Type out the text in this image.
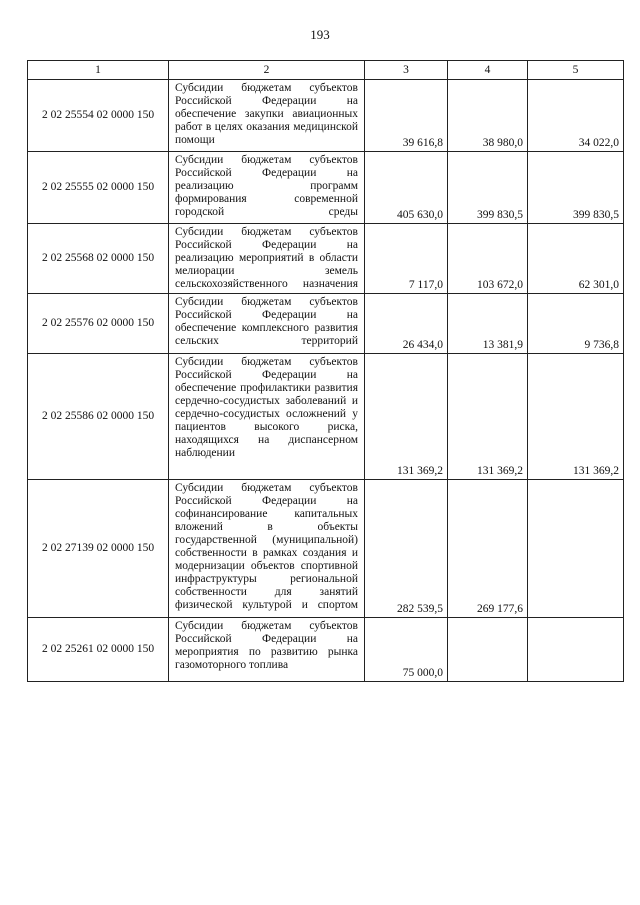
193
1	2	3	4	5
2 02 25554 02 0000 150	Субсидии бюджетам субъектов Российской Федерации на обеспечение закупки авиационных работ в целях оказания медицинской помощи	39 616,8	38 980,0	34 022,0
2 02 25555 02 0000 150	Субсидии бюджетам субъектов Российской Федерации на реализацию программ формирования современной городской среды	405 630,0	399 830,5	399 830,5
2 02 25568 02 0000 150	Субсидии бюджетам субъектов Российской Федерации на реализацию мероприятий в области мелиорации земель сельскохозяйственного назначения	7 117,0	103 672,0	62 301,0
2 02 25576 02 0000 150	Субсидии бюджетам субъектов Российской Федерации на обеспечение комплексного развития сельских территорий	26 434,0	13 381,9	9 736,8
2 02 25586 02 0000 150	Субсидии бюджетам субъектов Российской Федерации на обеспечение профилактики развития сердечно-сосудистых заболеваний и сердечно-сосудистых осложнений у пациентов высокого риска, находящихся на диспансерном наблюдении	131 369,2	131 369,2	131 369,2
2 02 27139 02 0000 150	Субсидии бюджетам субъектов Российской Федерации на софинансирование капитальных вложений в объекты государственной (муниципальной) собственности в рамках создания и модернизации объектов спортивной инфраструктуры региональной собственности для занятий физической культурой и спортом	282 539,5	269 177,6	
2 02 25261 02 0000 150	Субсидии бюджетам субъектов Российской Федерации на мероприятия по развитию рынка газомоторного топлива	75 000,0		
